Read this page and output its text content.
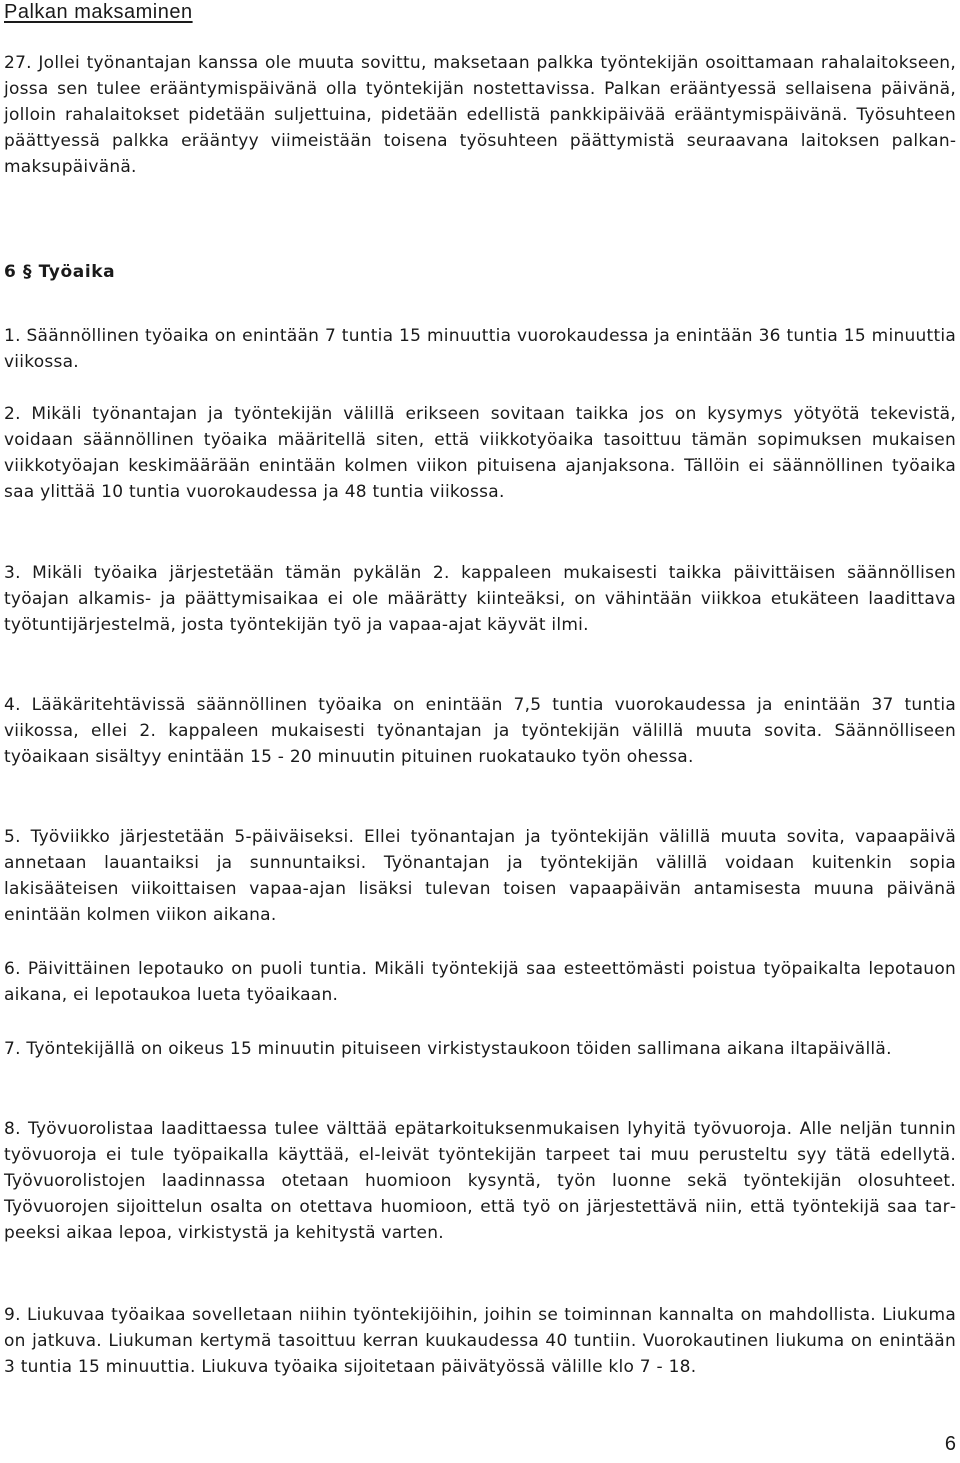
Palkan maksaminen

27. Jollei työnantajan kanssa ole muuta sovittu, maksetaan palkka työntekijän osoittamaan rahalaitokseen, jossa sen tulee erääntymispäivänä olla työntekijän nostettavissa. Palkan erääntyessä sellaisena päivänä, jolloin rahalaitokset pidetään suljettuina, pidetään edellistä pankkipäivää erääntymispäivänä. Työsuhteen päättyessä palkka erääntyy viimeistään toisena työsuhteen päättymistä seuraavana laitoksen palkanmaksupäivänä.

6 § Työaika

1. Säännöllinen työaika on enintään 7 tuntia 15 minuuttia vuorokaudessa ja enintään 36 tuntia 15 minuuttia viikossa.

2. Mikäli työnantajan ja työntekijän välillä erikseen sovitaan taikka jos on kysymys yötyötä tekevistä, voidaan säännöllinen työaika määritellä siten, että viikkotyöaika tasoittuu tämän sopimuksen mukaisen viikkotyöajan keskimäärään enintään kolmen viikon pituisena ajanjaksona. Tällöin ei säännöllinen työaika saa ylittää 10 tuntia vuorokaudessa ja 48 tuntia viikossa.

3. Mikäli työaika järjestetään tämän pykälän 2. kappaleen mukaisesti taikka päivittäisen säännöllisen työajan alkamis- ja päättymisaikaa ei ole määrätty kiinteäksi, on vähintään viikkoa etukäteen laadittava työtuntijärjestelmä, josta työntekijän työ ja vapaa-ajat käyvät ilmi.

4. Lääkäritehtävissä säännöllinen työaika on enintään 7,5 tuntia vuorokaudessa ja enintään 37 tuntia viikossa, ellei 2. kappaleen mukaisesti työnantajan ja työntekijän välillä muuta sovita. Säännölliseen työaikaan sisältyy enintään 15 - 20 minuutin pituinen ruokatauko työn ohessa.

5. Työviikko järjestetään 5-päiväiseksi. Ellei työnantajan ja työntekijän välillä muuta sovita, vapaapäivä annetaan lauantaiksi ja sunnuntaiksi. Työnantajan ja työntekijän välillä voidaan kuitenkin sopia lakisääteisen viikoittaisen vapaa-ajan lisäksi tulevan toisen vapaapäivän antamisesta muuna päivänä enintään kolmen viikon aikana.

6. Päivittäinen lepotauko on puoli tuntia. Mikäli työntekijä saa esteettömästi poistua työpaikalta lepotauon aikana, ei lepotaukoa lueta työaikaan.

7. Työntekijällä on oikeus 15 minuutin pituiseen virkistystaukoon töiden sallimana aikana iltapäivällä.

8. Työvuorolistaa laadittaessa tulee välttää epätarkoituksenmukaisen lyhyitä työvuoroja. Alle neljän tunnin työvuoroja ei tule työpaikalla käyttää, el-leivät työntekijän tarpeet tai muu perusteltu syy tätä edellytä. Työvuorolistojen laadinnassa otetaan huomioon kysyntä, työn luonne sekä työntekijän olosuhteet. Työvuorojen sijoittelun osalta on otettava huomioon, että työ on järjestettävä niin, että työntekijä saa tarpeeksi aikaa lepoa, virkistystä ja kehitystä varten.

9. Liukuvaa työaikaa sovelletaan niihin työntekijöihin, joihin se toiminnan kannalta on mahdollista. Liukuma on jatkuva. Liukuman kertymä tasoittuu kerran kuukaudessa 40 tuntiin. Vuorokautinen liukuma on enintään 3 tuntia 15 minuuttia. Liukuva työaika sijoitetaan päivätyössä välille klo 7 - 18.

6
